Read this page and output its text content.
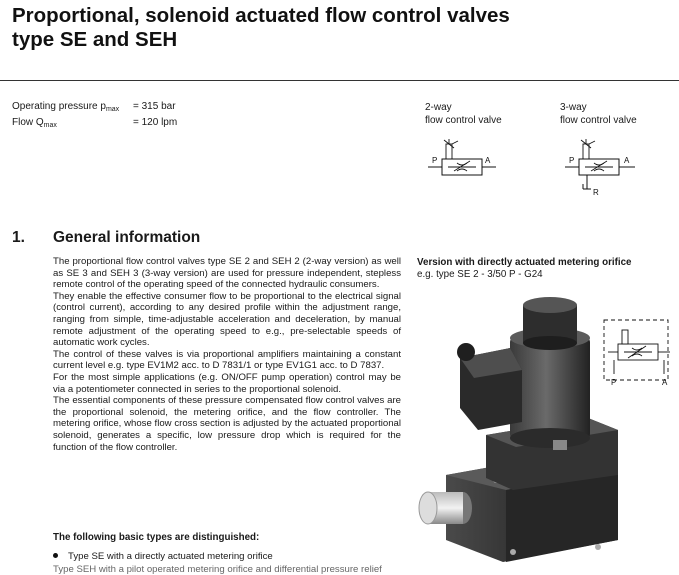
Proportional, solenoid actuated flow control valves
type SE and SEH
Operating pressure $p_{max} = 315$ bar
Flow $Q_{max}$	= 120 lpm
2-way
flow control valve
3-way
flow control valve
P	A	P	A
R
1. General information

The proportional flow control valves type SE 2 and SEH 2 (2-way version) as well as SE 3 and SEH 3 (3-way version) are used for pressure independent, stepless remote control of the operating speed of the connected hydraulic consumers.

They enable the effective consumer flow to be proportional to the electrical signal (control current), according to any desired profile within the adjustment range, ranging from simple, time-adjustable acceleration and deceleration, by manual remote adjustment of the operating speed to e.g., pre-selectable speeds of automatic work cycles.

The control of these valves is via proportional amplifiers maintaining a constant current level e.g. type EV1M2 acc. to D 7831/1 or type EV1G1 acc. to D 7837.

For the most simple applications (e.g. ON/OFF pump operation) control may be via a potentiometer connected in series to the proportional solenoid.

The essential components of these pressure compensated flow control valves are the proportional solenoid, the metering orifice, and the flow controller. The metering orifice, whose flow cross section is adjusted by the actuated proportional solenoid, generates a specific, low pressure drop which is required for the function of the flow controller.

The following basic types are distinguished:
Type SE with a directly actuated metering orifice
Type SEH with a pilot operated metering orifice and differential pressure relief
Version with directly actuated metering orifice
e.g. type SE 2 - 3/50 P - G24
P	A
